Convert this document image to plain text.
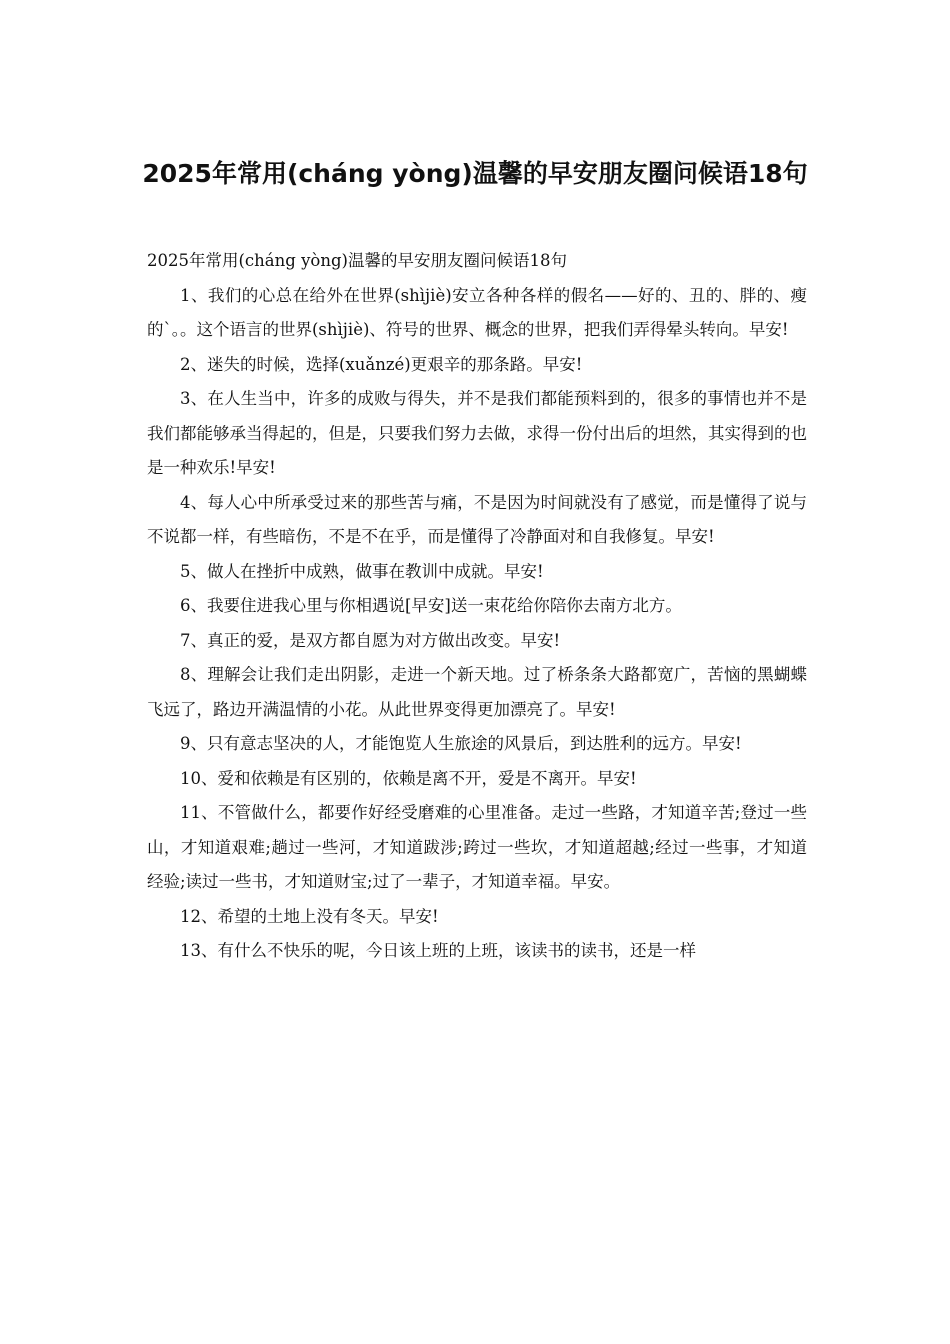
2025年常用(cháng yòng)温馨的早安朋友圈问候语18句

2025年常用(cháng yòng)温馨的早安朋友圈问候语18句

1、我们的心总在给外在世界(shìjiè)安立各种各样的假名——好的、丑的、胖的、瘦的`。。这个语言的世界(shìjiè)、符号的世界、概念的世界，把我们弄得晕头转向。早安!

2、迷失的时候，选择(xuǎnzé)更艰辛的那条路。早安!

3、在人生当中，许多的成败与得失，并不是我们都能预料到的，很多的事情也并不是我们都能够承当得起的，但是，只要我们努力去做，求得一份付出后的坦然，其实得到的也是一种欢乐!早安!

4、每人心中所承受过来的那些苦与痛，不是因为时间就没有了感觉，而是懂得了说与不说都一样，有些暗伤，不是不在乎，而是懂得了冷静面对和自我修复。早安!

5、做人在挫折中成熟，做事在教训中成就。早安!

6、我要住进我心里与你相遇说[早安]送一束花给你陪你去南方北方。

7、真正的爱，是双方都自愿为对方做出改变。早安!

8、理解会让我们走出阴影，走进一个新天地。过了桥条条大路都宽广，苦恼的黑蝴蝶飞远了，路边开满温情的小花。从此世界变得更加漂亮了。早安!

9、只有意志坚决的人，才能饱览人生旅途的风景后，到达胜利的远方。早安!

10、爱和依赖是有区别的，依赖是离不开，爱是不离开。早安!

11、不管做什么，都要作好经受磨难的心里准备。走过一些路，才知道辛苦;登过一些山，才知道艰难;趟过一些河，才知道跋涉;跨过一些坎，才知道超越;经过一些事，才知道经验;读过一些书，才知道财宝;过了一辈子，才知道幸福。早安。

12、希望的土地上没有冬天。早安!

13、有什么不快乐的呢，今日该上班的上班，该读书的读书，还是一样
